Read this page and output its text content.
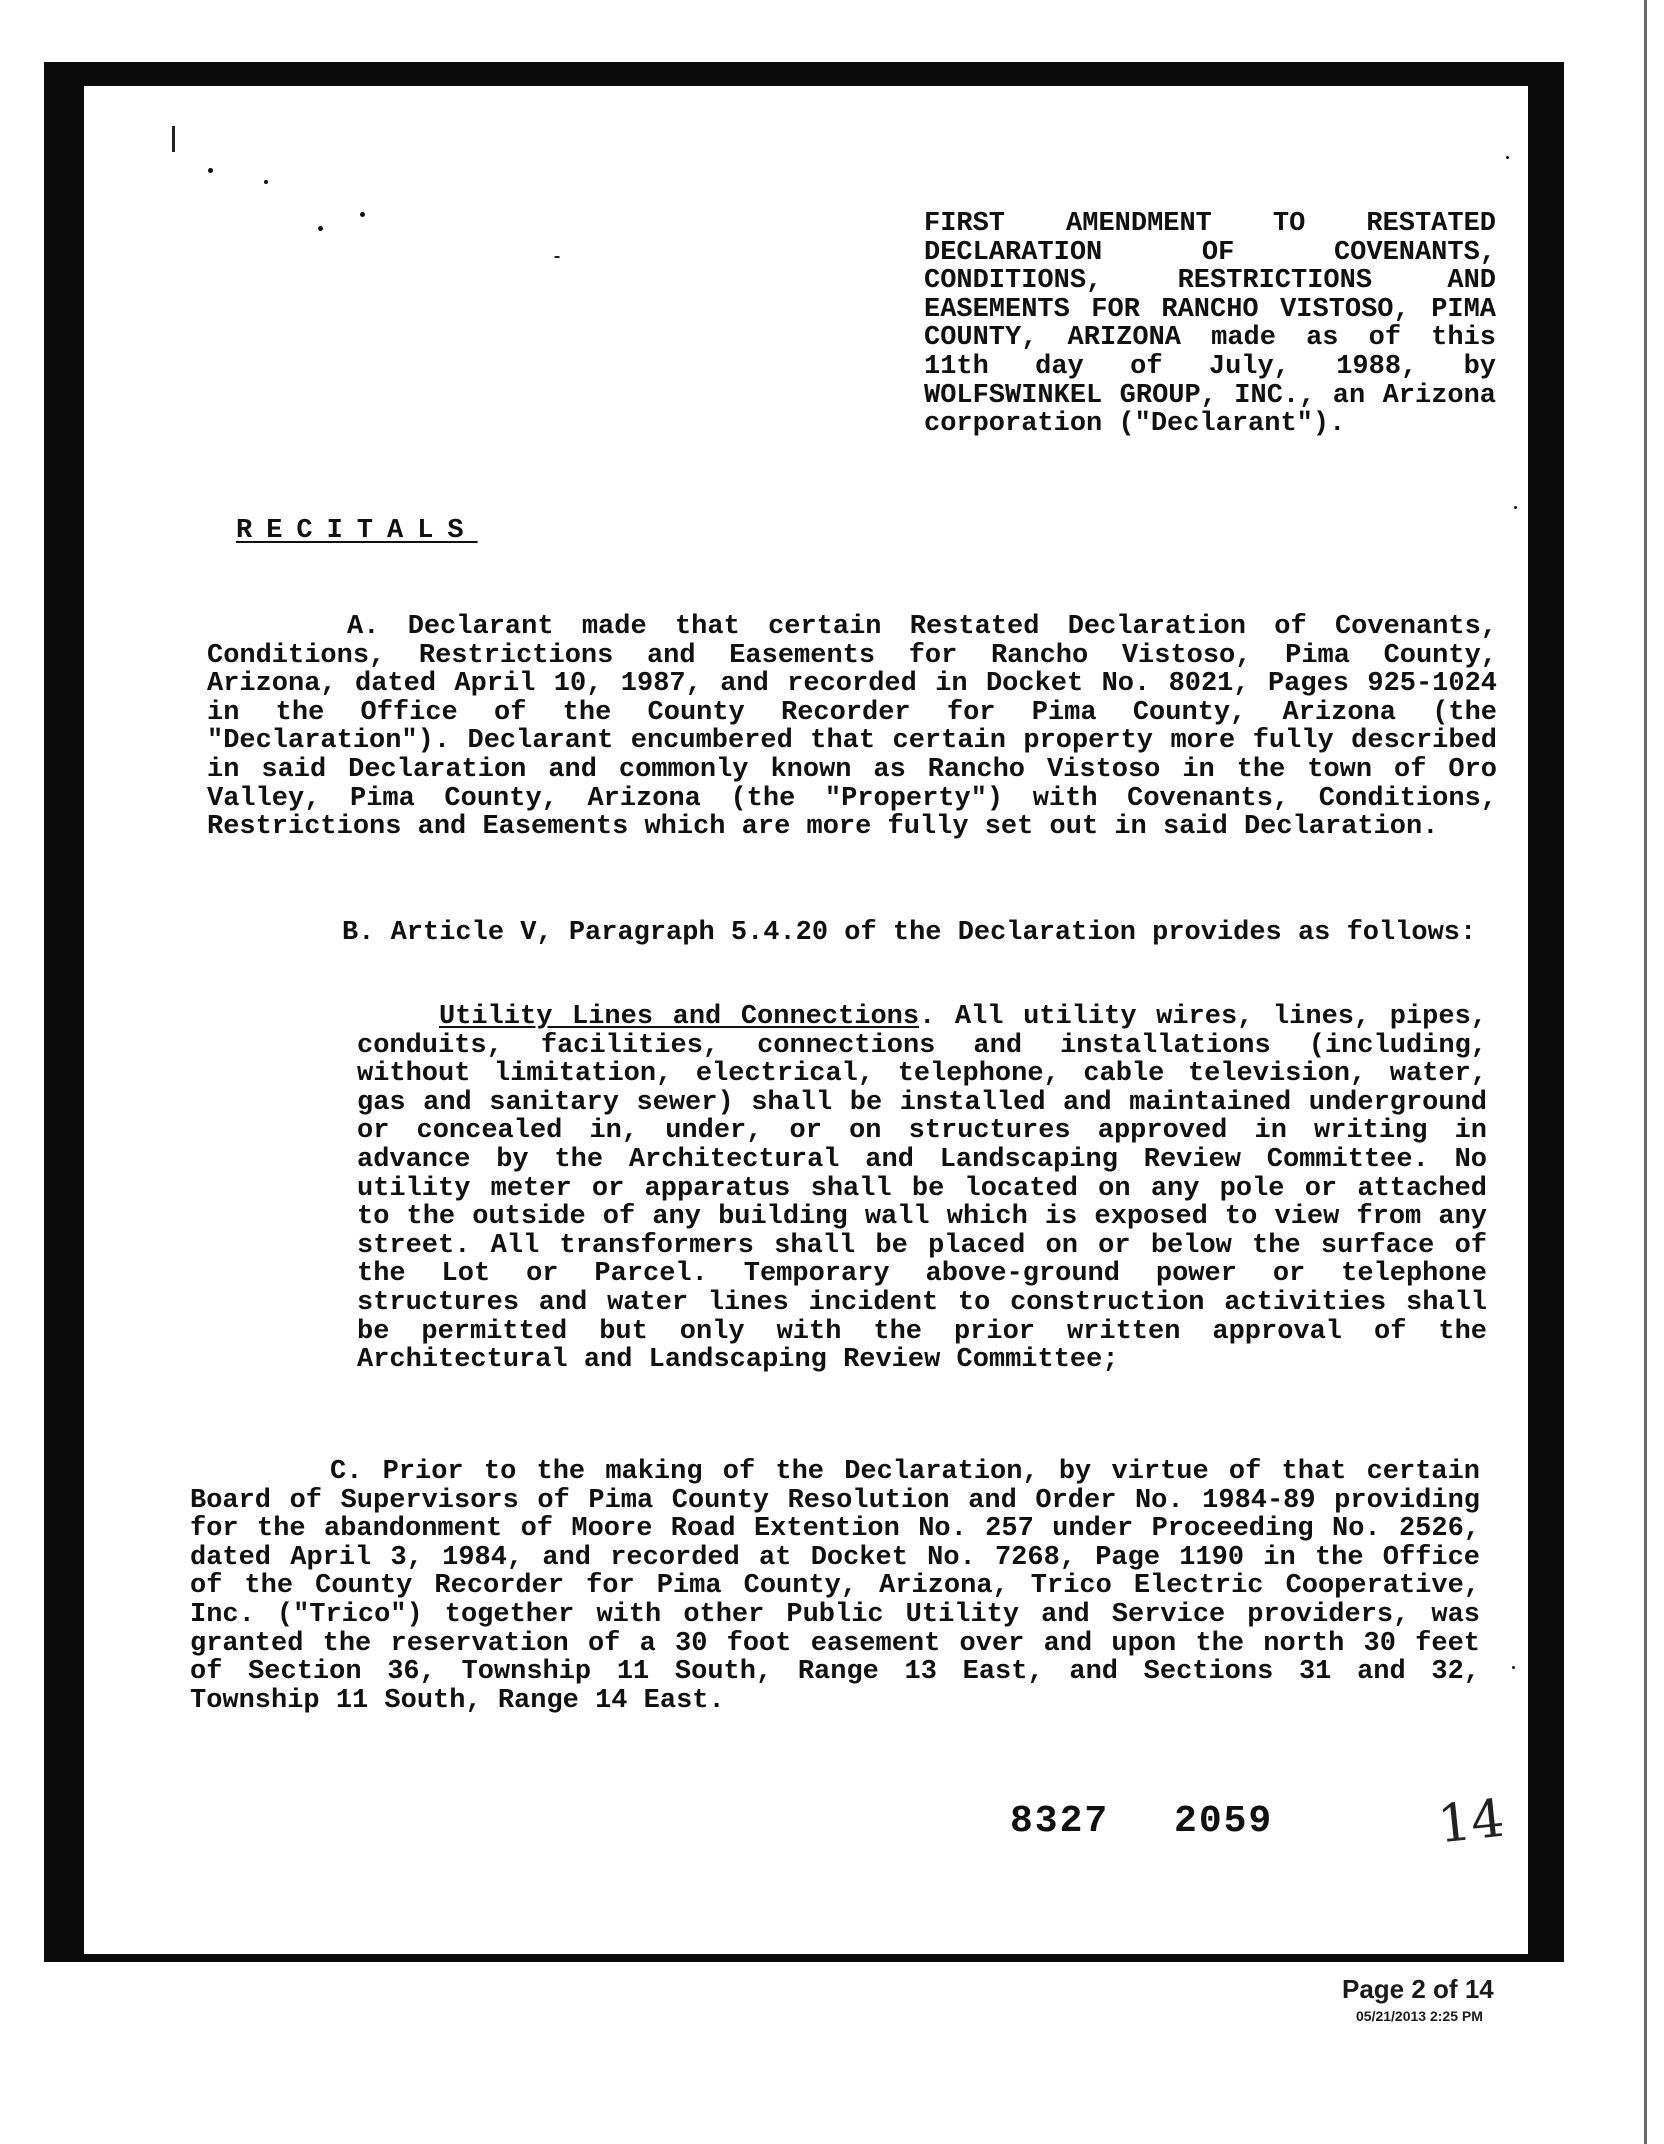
FIRST AMENDMENT TO RESTATED DECLARATION OF COVENANTS, CONDITIONS, RESTRICTIONS AND EASEMENTS FOR RANCHO VISTOSO, PIMA COUNTY, ARIZONA made as of this 11th day of July, 1988, by WOLFSWINKEL GROUP, INC., an Arizona corporation ("Declarant").
RECITALS

A. Declarant made that certain Restated Declaration of Covenants, Conditions, Restrictions and Easements for Rancho Vistoso, Pima County, Arizona, dated April 10, 1987, and recorded in Docket No. 8021, Pages 925-1024 in the Office of the County Recorder for Pima County, Arizona (the "Declaration"). Declarant encumbered that certain property more fully described in said Declaration and commonly known as Rancho Vistoso in the town of Oro Valley, Pima County, Arizona (the "Property") with Covenants, Conditions, Restrictions and Easements which are more fully set out in said Declaration.

B. Article V, Paragraph 5.4.20 of the Declaration provides as follows:

Utility Lines and Connections. All utility wires, lines, pipes, conduits, facilities, connections and installations (including, without limitation, electrical, telephone, cable television, water, gas and sanitary sewer) shall be installed and maintained underground or concealed in, under, or on structures approved in writing in advance by the Architectural and Landscaping Review Committee. No utility meter or apparatus shall be located on any pole or attached to the outside of any building wall which is exposed to view from any street. All transformers shall be placed on or below the surface of the Lot or Parcel. Temporary above-ground power or telephone structures and water lines incident to construction activities shall be permitted but only with the prior written approval of the Architectural and Landscaping Review Committee;

C. Prior to the making of the Declaration, by virtue of that certain Board of Supervisors of Pima County Resolution and Order No. 1984-89 providing for the abandonment of Moore Road Extention No. 257 under Proceeding No. 2526, dated April 3, 1984, and recorded at Docket No. 7268, Page 1190 in the Office of the County Recorder for Pima County, Arizona, Trico Electric Cooperative, Inc. ("Trico") together with other Public Utility and Service providers, was granted the reservation of a 30 foot easement over and upon the north 30 feet of Section 36, Township 11 South, Range 13 East, and Sections 31 and 32, Township 11 South, Range 14 East.

8327 2059	14
Page 2 of 14
05/21/2013 2:25 PM
